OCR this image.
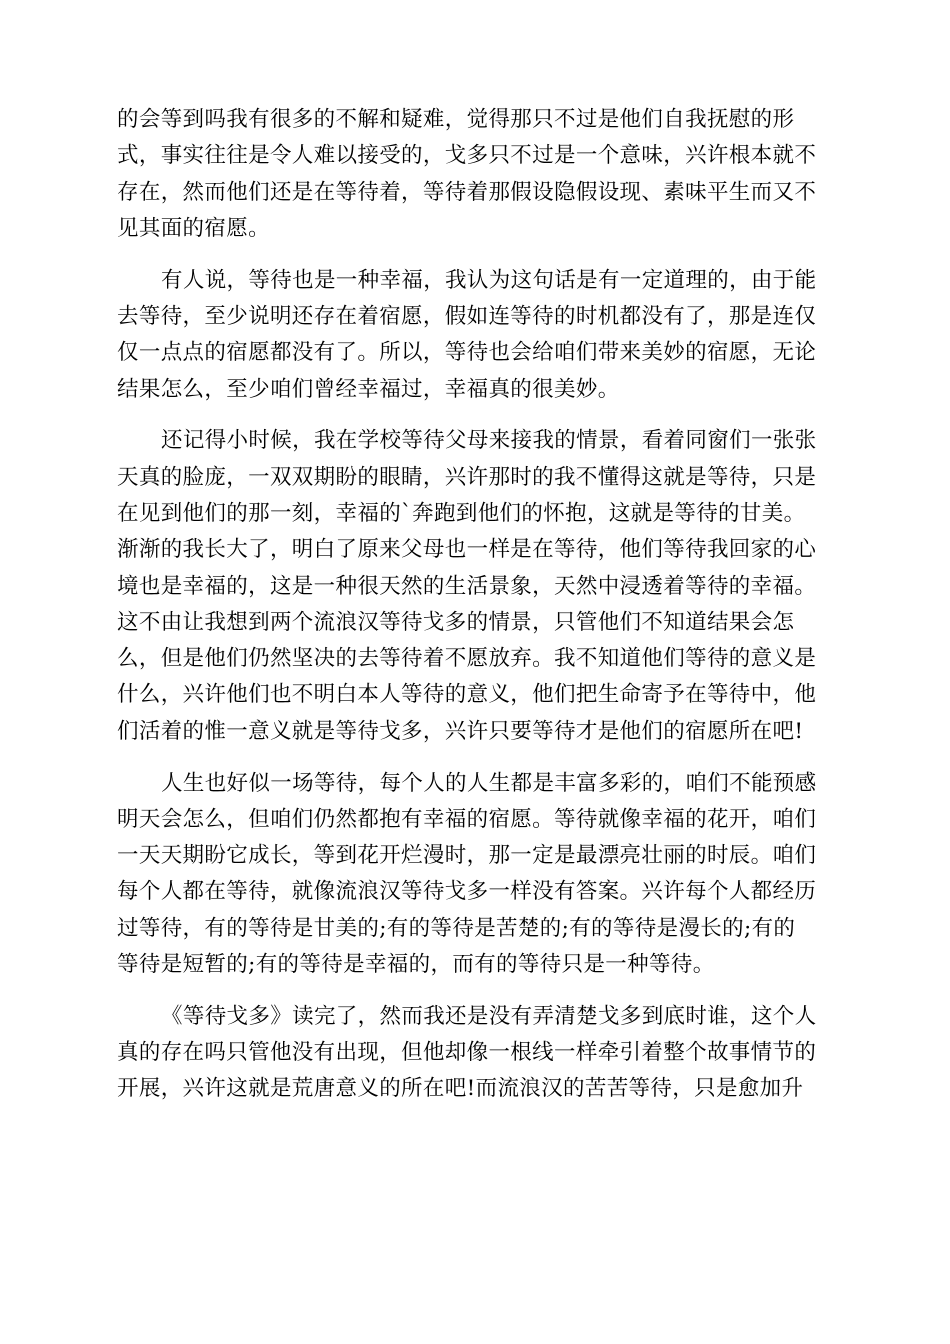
的会等到吗我有很多的不解和疑难，觉得那只不过是他们自我抚慰的形
式，事实往往是令人难以接受的，戈多只不过是一个意味，兴许根本就不
存在，然而他们还是在等待着，等待着那假设隐假设现、素味平生而又不
见其面的宿愿。
有人说，等待也是一种幸福，我认为这句话是有一定道理的，由于能
去等待，至少说明还存在着宿愿，假如连等待的时机都没有了，那是连仅
仅一点点的宿愿都没有了。所以，等待也会给咱们带来美妙的宿愿，无论
结果怎么，至少咱们曾经幸福过，幸福真的很美妙。
还记得小时候，我在学校等待父母来接我的情景，看着同窗们一张张
天真的脸庞，一双双期盼的眼睛，兴许那时的我不懂得这就是等待，只是
在见到他们的那一刻，幸福的`奔跑到他们的怀抱，这就是等待的甘美。
渐渐的我长大了，明白了原来父母也一样是在等待，他们等待我回家的心
境也是幸福的，这是一种很天然的生活景象，天然中浸透着等待的幸福。
这不由让我想到两个流浪汉等待戈多的情景，只管他们不知道结果会怎
么，但是他们仍然坚决的去等待着不愿放弃。我不知道他们等待的意义是
什么，兴许他们也不明白本人等待的意义，他们把生命寄予在等待中，他
们活着的惟一意义就是等待戈多，兴许只要等待才是他们的宿愿所在吧!
人生也好似一场等待，每个人的人生都是丰富多彩的，咱们不能预感
明天会怎么，但咱们仍然都抱有幸福的宿愿。等待就像幸福的花开，咱们
一天天期盼它成长，等到花开烂漫时，那一定是最漂亮壮丽的时辰。咱们
每个人都在等待，就像流浪汉等待戈多一样没有答案。兴许每个人都经历
过等待，有的等待是甘美的;有的等待是苦楚的;有的等待是漫长的;有的
等待是短暂的;有的等待是幸福的，而有的等待只是一种等待。
《等待戈多》读完了，然而我还是没有弄清楚戈多到底时谁，这个人
真的存在吗只管他没有出现，但他却像一根线一样牵引着整个故事情节的
开展，兴许这就是荒唐意义的所在吧!而流浪汉的苦苦等待，只是愈加升
